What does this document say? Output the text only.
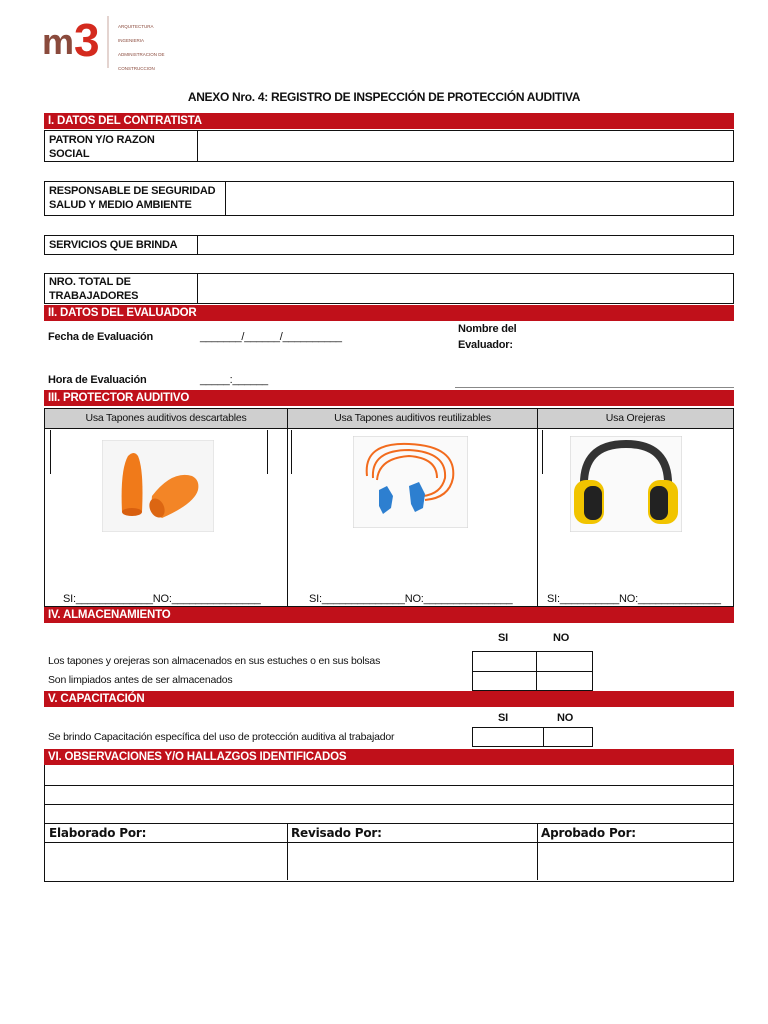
m 3	ARQUITECTURA
INGENIERIA
ADMINISTRACION DE CONSTRUCCION
ANEXO Nro. 4: REGISTRO DE INSPECCIÓN DE PROTECCIÓN AUDITIVA
I. DATOS DEL CONTRATISTA
PATRON Y/O RAZON
SOCIAL
RESPONSABLE DE SEGURIDAD
SALUD Y MEDIO AMBIENTE
SERVICIOS QUE BRINDA
NRO. TOTAL DE
TRABAJADORES
II. DATOS DEL EVALUADOR
Fecha de Evaluación	_______/______/__________
Nombre del
Evaluador:
Hora de Evaluación	_____:______
III. PROTECTOR AUDITIVO
Usa Tapones auditivos descartables	Usa Tapones auditivos reutilizables	Usa Orejeras
SI:_____________NO:_______________	SI:______________NO:_______________	SI:__________NO:______________
IV. ALMACENAMIENTO
SI	NO
Los tapones y orejeras son almacenados en sus estuches o en sus bolsas
Son limpiados antes de ser almacenados
V. CAPACITACIÓN
SI	NO
Se brindo Capacitación específica del uso de protección auditiva al trabajador
VI. OBSERVACIONES Y/O HALLAZGOS IDENTIFICADOS
Elaborado Por:	Revisado Por:	Aprobado Por:
